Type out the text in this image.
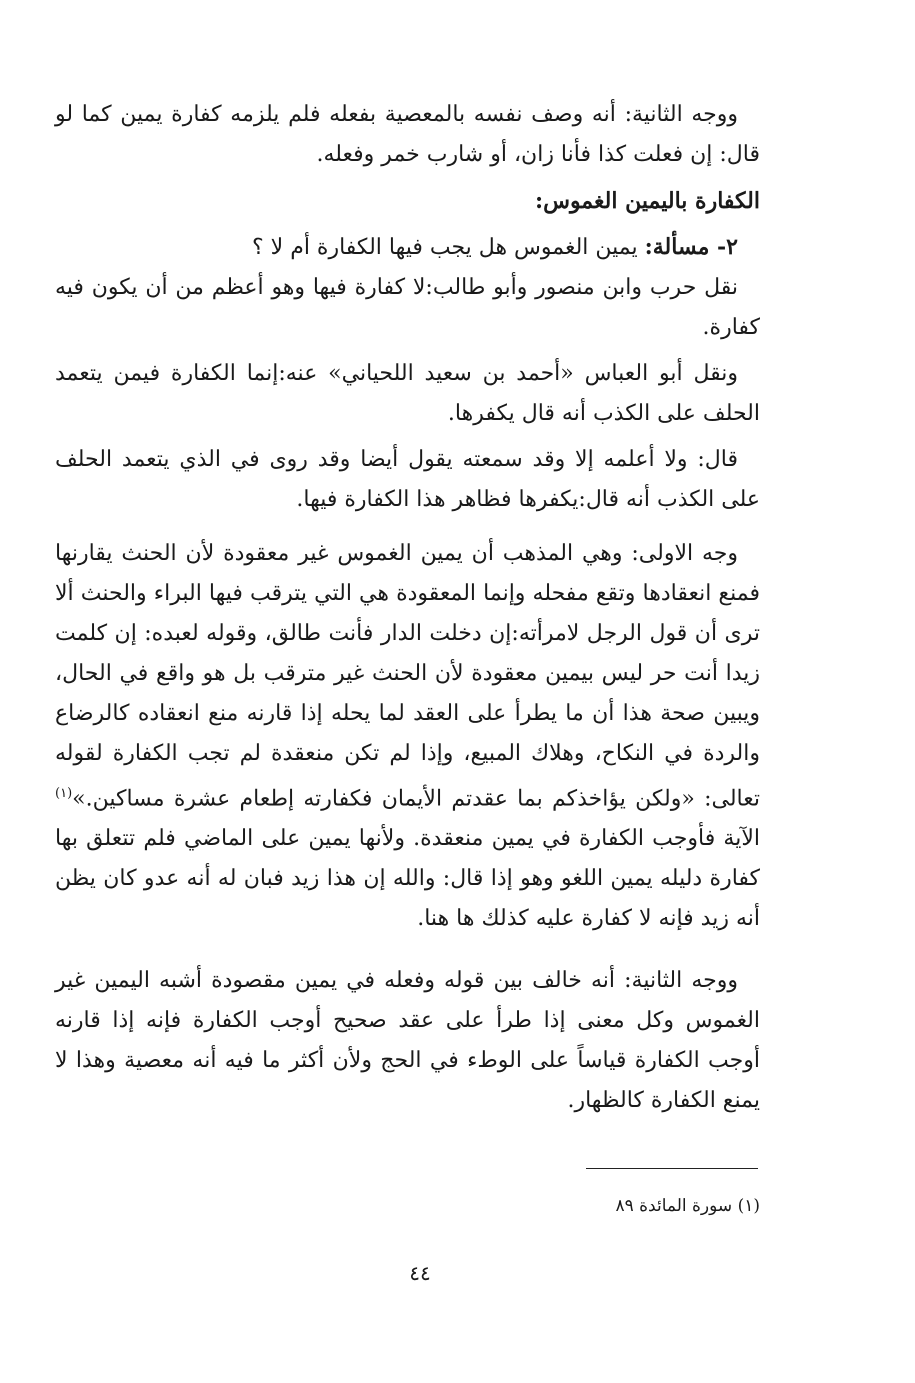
ووجه الثانية: أنه وصف نفسه بالمعصية بفعله فلم يلزمه كفارة يمين كما لو قال: إن فعلت كذا فأنا زان، أو شارب خمر وفعله.

الكفارة باليمين الغموس:

٢- مسألة: يمين الغموس هل يجب فيها الكفارة أم لا ؟

نقل حرب وابن منصور وأبو طالب:لا كفارة فيها وهو أعظم من أن يكون فيه كفارة.

ونقل أبو العباس «أحمد بن سعيد اللحياني» عنه:إنما الكفارة فيمن يتعمد الحلف على الكذب أنه قال يكفرها.

قال: ولا أعلمه إلا وقد سمعته يقول أيضا وقد روى في الذي يتعمد الحلف على الكذب أنه قال:يكفرها فظاهر هذا الكفارة فيها.

وجه الاولى: وهي المذهب أن يمين الغموس غير معقودة لأن الحنث يقارنها فمنع انعقادها وتقع مفحله وإنما المعقودة هي التي يترقب فيها البراء والحنث ألا ترى أن قول الرجل لامرأته:إن دخلت الدار فأنت طالق، وقوله لعبده: إن كلمت زيدا أنت حر ليس بيمين معقودة لأن الحنث غير مترقب بل هو واقع في الحال، ويبين صحة هذا أن ما يطرأ على العقد لما يحله إذا قارنه منع انعقاده كالرضاع والردة في النكاح، وهلاك المبيع، وإذا لم تكن منعقدة لم تجب الكفارة لقوله تعالى: «ولكن يؤاخذكم بما عقدتم الأيمان فكفارته إطعام عشرة مساكين.»$^{(١)}$ الآية فأوجب الكفارة في يمين منعقدة. ولأنها يمين على الماضي فلم تتعلق بها كفارة دليله يمين اللغو وهو إذا قال: والله إن هذا زيد فبان له أنه عدو كان يظن أنه زيد فإنه لا كفارة عليه كذلك ها هنا.

ووجه الثانية: أنه خالف بين قوله وفعله في يمين مقصودة أشبه اليمين غير الغموس وكل معنى إذا طرأ على عقد صحيح أوجب الكفارة فإنه إذا قارنه أوجب الكفارة قياساً على الوطء في الحج ولأن أكثر ما فيه أنه معصية وهذا لا يمنع الكفارة كالظهار.

(١) سورة المائدة ٨٩
٤٤
